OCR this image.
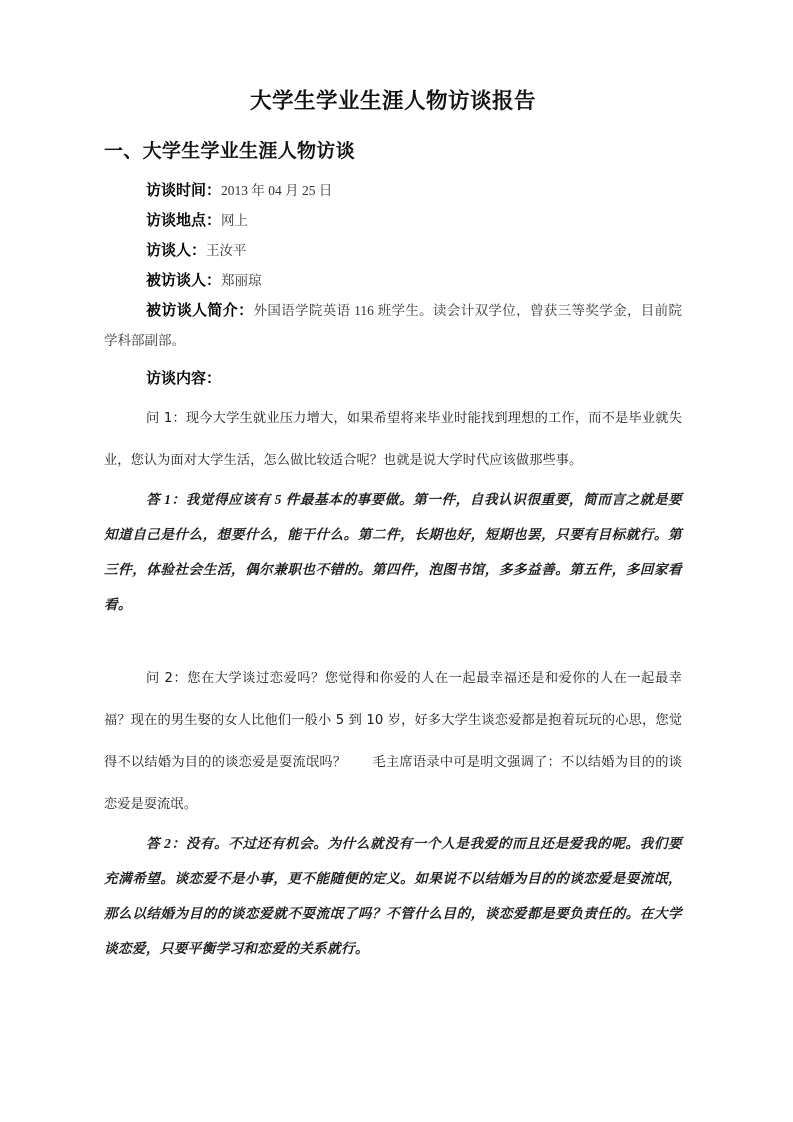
大学生学业生涯人物访谈报告
一、大学生学业生涯人物访谈

访谈时间：2013 年 04 月 25 日

访谈地点：网上

访谈人：王汝平

被访谈人：郑丽琼

被访谈人简介：外国语学院英语 116 班学生。读会计双学位，曾获三等奖学金，目前院学科部副部。

访谈内容：

问 1：现今大学生就业压力增大，如果希望将来毕业时能找到理想的工作，而不是毕业就失业，您认为面对大学生活，怎么做比较适合呢？也就是说大学时代应该做那些事。

答 1：我觉得应该有 5 件最基本的事要做。第一件，自我认识很重要，简而言之就是要知道自己是什么，想要什么，能干什么。第二件，长期也好，短期也罢，只要有目标就行。第三件，体验社会生活，偶尔兼职也不错的。第四件，泡图书馆，多多益善。第五件，多回家看看。

问 2：您在大学谈过恋爱吗？您觉得和你爱的人在一起最幸福还是和爱你的人在一起最幸福？现在的男生娶的女人比他们一般小 5 到 10 岁，好多大学生谈恋爱都是抱着玩玩的心思，您觉得不以结婚为目的的谈恋爱是耍流氓吗？ 毛主席语录中可是明文强调了：不以结婚为目的的谈恋爱是耍流氓。

答 2：没有。不过还有机会。为什么就没有一个人是我爱的而且还是爱我的呢。我们要充满希望。谈恋爱不是小事，更不能随便的定义。如果说不以结婚为目的的谈恋爱是耍流氓，那么以结婚为目的的谈恋爱就不耍流氓了吗？不管什么目的，谈恋爱都是要负责任的。在大学谈恋爱，只要平衡学习和恋爱的关系就行。
